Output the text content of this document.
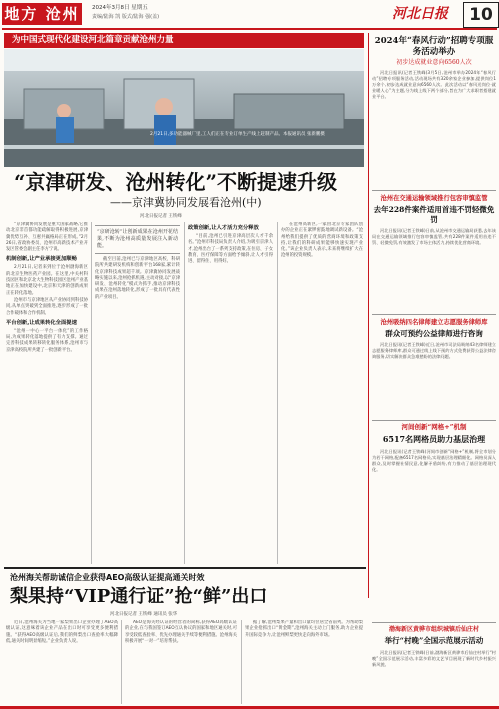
地方 沧州	2024年3月8日 星期五
责编/陆海 凯 版式/陆海 强(盖)	河北日报	10
为中国式现代化建设河北篇章贡献沧州力量
2月21日,多功能器械厂里,工人们正在专业订单生产线上赶制产品。本报通讯员 张新鹏摄
“京津研发、沧州转化”不断提速升级
——京津冀协同发展看沧州(中)
河北日报记者 王铁峰

“京津冀协同发展是重大国家战略,它推动北京非首都功能疏解取得积极进展,京津冀优势互补、互惠共赢格局正在形成。”2月26日,省政协委员、沧州市高新技术产业开发区管委会副主任李方宁说。

机制创新,让产业承接更加顺畅

2月21日,记者来到位于沧州渤海新区的北京生物医药产业园。在这里,中关村科技园区和北京北大生物科技园区沧州产业基地正在加快建设中,北京和天津的创新成果正在转化落地。

沧州市与京津地区从产业协同到科技协同,从单点突破到全面推进,逐步形成了一批合作载体和合作机制。

平台创新,让成果转化全面提速

“沧州一中心一平台一体化”的工作格局,为成果转化落地提供了有力支撑。通过完善科技成果转移转化服务体系,沧州市与京津高校院所共建了一批创新平台。

“京研沧转”让创新成果在沧州开花结果,不断为沧州高质量发展注入新动能。

截至目前,沧州已与京津地区高校、科研院所共建研发机构和创新平台168家,累计转化京津科技成果超千项。京津冀协同发展战略实施以来,沧州抢抓机遇,主动对接,以“京津研发、沧州转化”模式为抓手,推动京津科技成果在沧州落地转化,形成了一批具有代表性的产业项目。

政策创新,让人才活力充分释放

“目前,沧州已引进京津高层次人才千余名。”沧州市科技局负责人介绍,为吸引京津人才,沧州出台了一系列支持政策,在住房、子女教育、医疗保障等方面给予倾斜,让人才引得进、留得住、用得好。

在沧州高新区,一家由北京专家团队创办的企业正在紧锣密鼓地调试新设备。“沧州给我们提供了优质的营商环境和政策支持,让我们的科研成果能够快速实现产业化。”该企业负责人表示,未来将继续扩大在沧州的投资规模。

2024年“春风行动”招聘专项服务活动举办
初步达成就业意向6560人次

河北日报讯(记者王铁峰)3月5日,沧州市举办2024年“春风行动”招聘专项服务活动,活动现场共有320余家企业参加,提供岗位1万余个,初步达成就业意向6560人次。此次活动以“春风送岗位·就业暖人心”为主题,分为线上线下两个部分,旨在为广大求职者搭建就业平台。

沧州在交通运输领域推行包容审慎监管
去年228件案件适用首违不罚轻微免罚

河北日报讯(记者王铁峰)日前,从沧州市交通运输局获悉,去年该局在交通运输领域推行包容审慎监管,共有228件案件适用首违不罚、轻微免罚,有效激发了市场主体活力,持续优化营商环境。

沧州吸纳四名律师建立志愿服务律师库
群众可预约公益律师进行咨询

河北日报讯(记者王铁峰)近日,沧州市司法局吸纳43名律师建立志愿服务律师库,群众可通过线上线下预约方式免费获得公益法律咨询服务,切实解决群众急难愁盼的法律问题。

河间创新“网格+”机制
6517名网格员助力基层治理

河北日报讯(记者王铁峰)河间市创新“网格+”机制,将全市划分为若干网格,配备6517名网格员,实现基层治理精细化。网格员深入群众,及时掌握社情民意,化解矛盾纠纷,有力推动了基层治理现代化。

渤海新区黄骅市组织城镇后仙庄村
举行“村晚”全国示范展示活动

河北日报讯(记者王铁峰)日前,渤海新区黄骅市后仙庄村举行“村晚”全国示范展示活动,丰富多彩的文艺节目展现了新时代乡村振兴新风貌。

沧州海关帮助诚信企业获得AEO高级认证提高通关时效
梨果持“VIP通行证”抢“鲜”出口
河北日报记者 王铁峰 通讯员 张华

近日,沧州海关为当地一家梨果出口企业办理了AEO高级认证,这意味着该企业产品在出口时可享受更多便利措施。“获得AEO高级认证后,我们的鲜梨出口查验率大幅降低,通关时间明显缩短。”企业负责人说。

AEO是海关经认证的经营者的简称,获得AEO高级认证的企业,在与我国签订AEO互认协议的国家和地区通关时,可享受较低查验率、优先办理通关手续等便利措施。沧州海关积极开展“一对一”培育帮扶。

据了解,沧州梨果产量和出口量均位居全省前列。为帮助梨果企业抢抓出口“黄金期”,沧州海关主动上门服务,助力企业提升国际竞争力,让沧州鲜梨更快走向海外市场。
